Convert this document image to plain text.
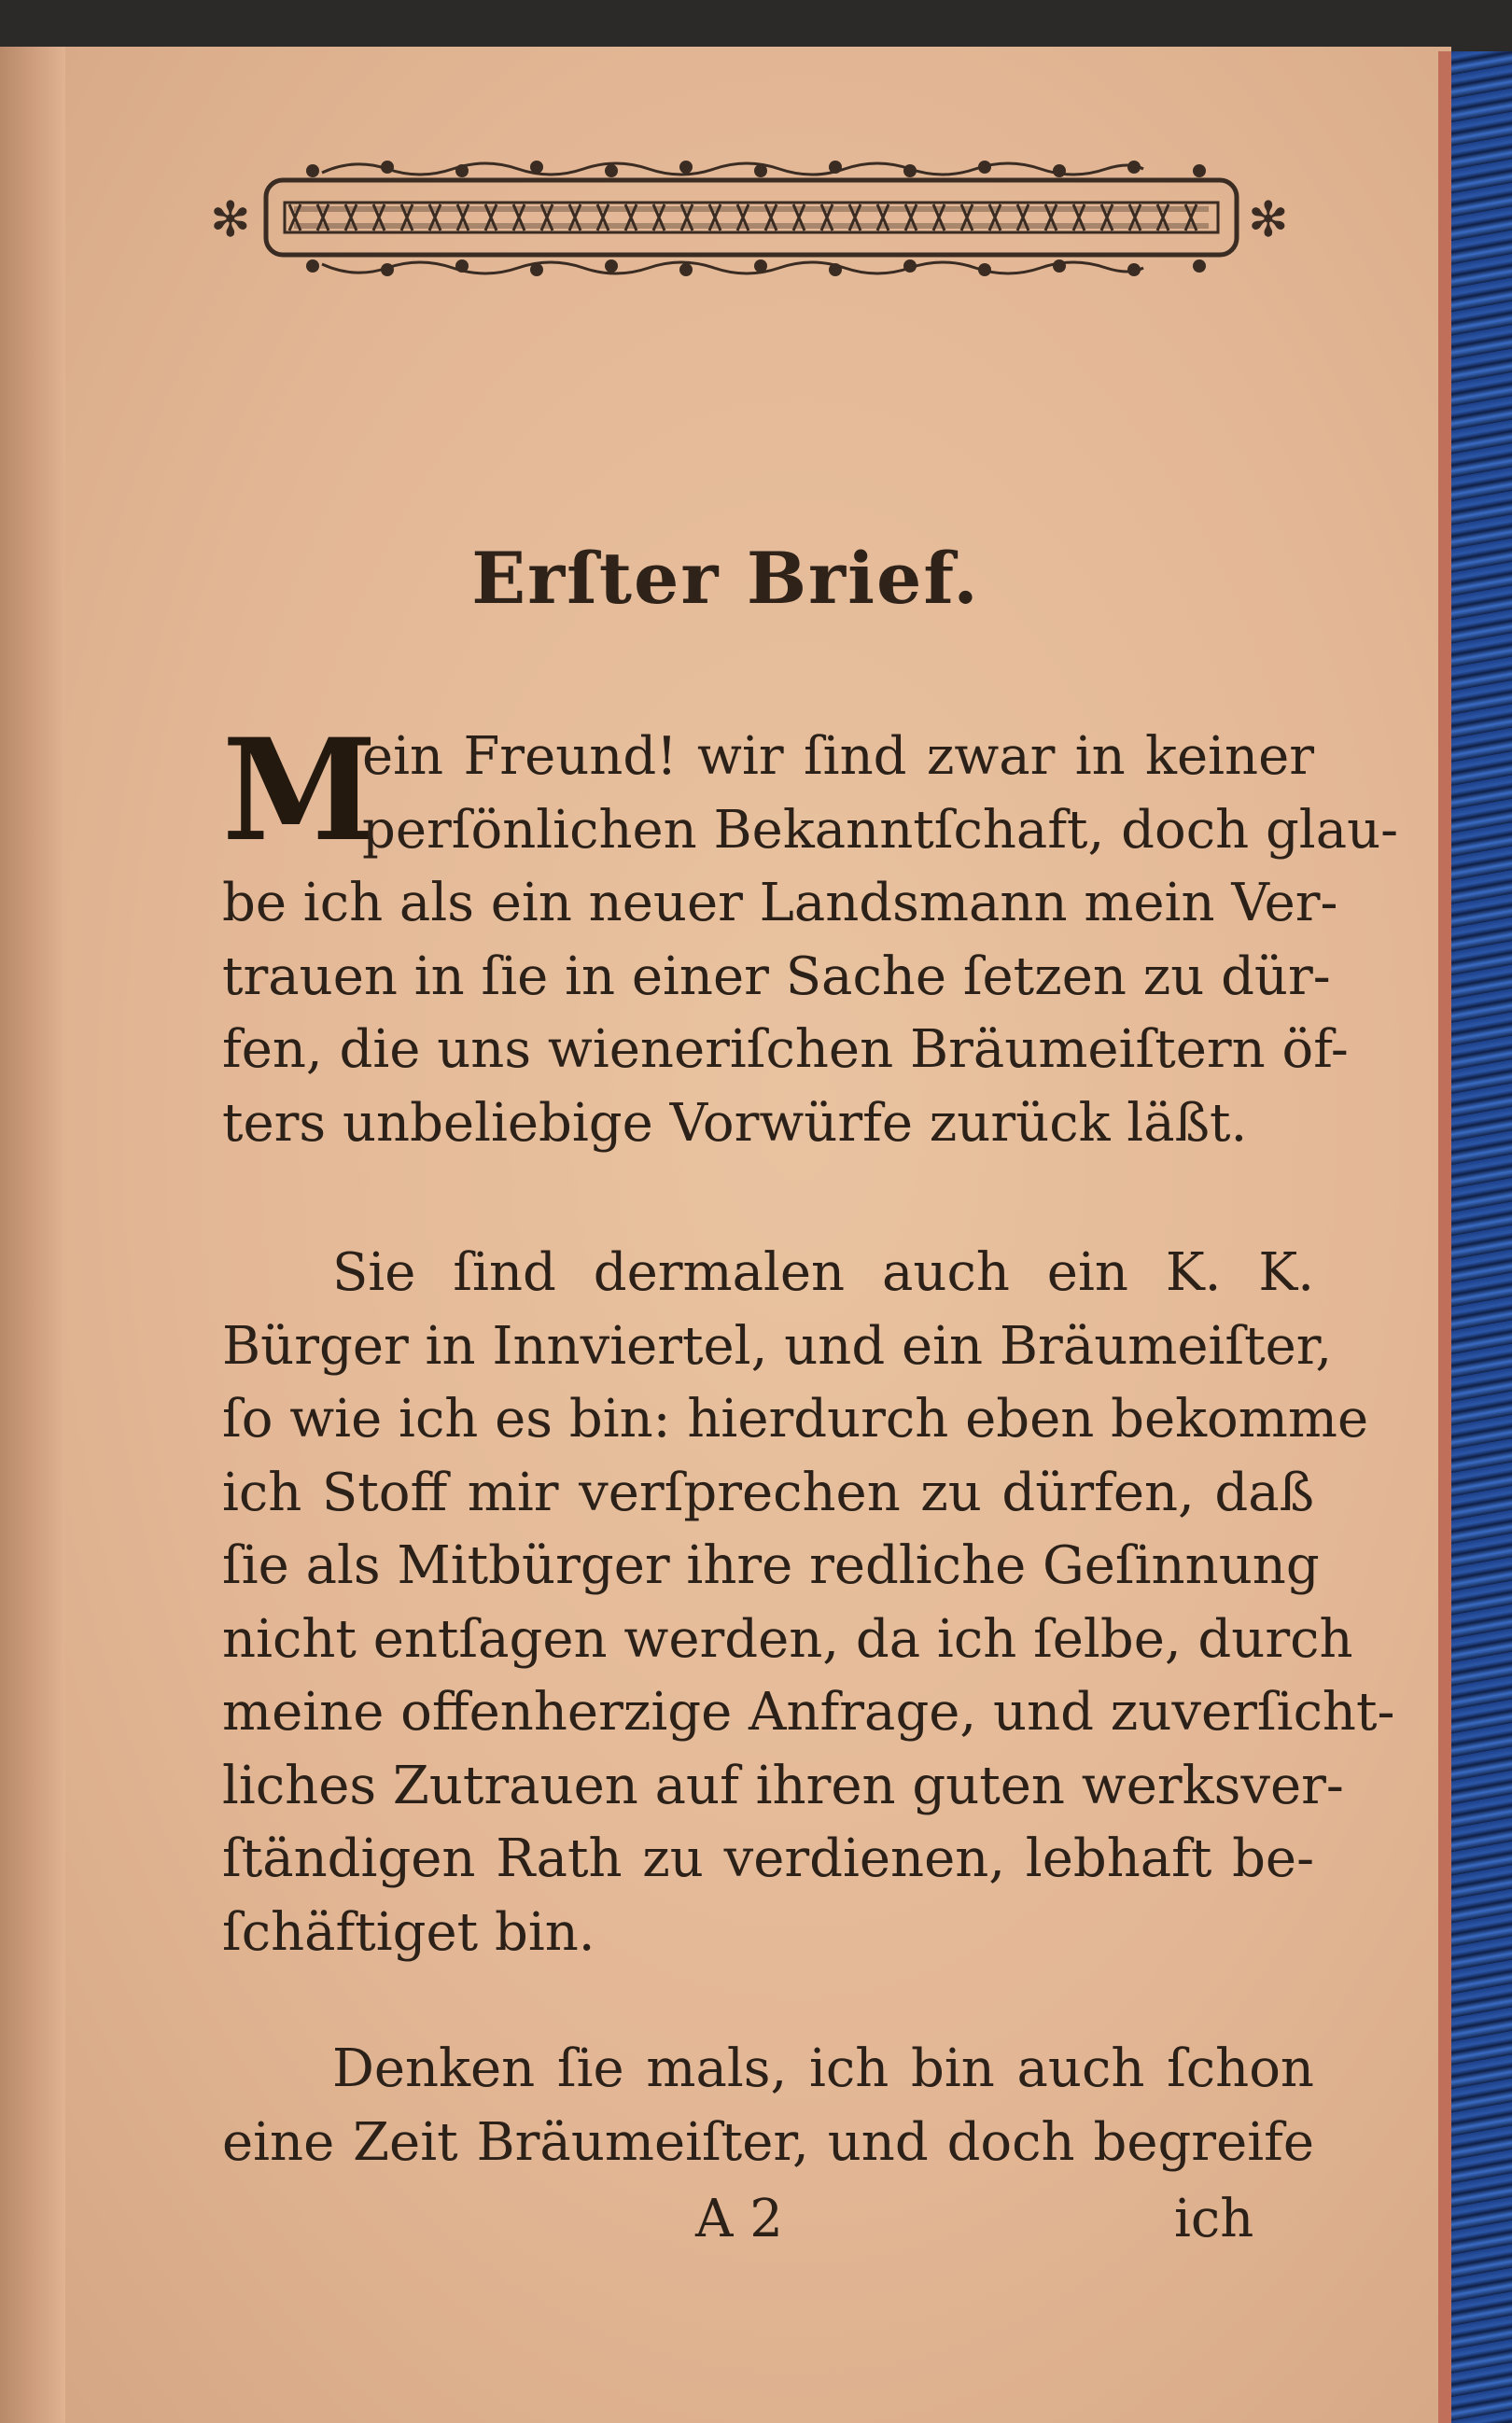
✻	✻
Erſter Brief.
M
ein Freund! wir ſind zwar in keiner
perſönlichen Bekanntſchaft, doch glau-
be ich als ein neuer Landsmann mein Ver-
trauen in ſie in einer Sache ſetzen zu dür-
fen, die uns wieneriſchen Bräumeiſtern öf-
ters unbeliebige Vorwürfe zurück läßt.
Sie ſind dermalen auch ein K. K.
Bürger in Innviertel, und ein Bräumeiſter,
ſo wie ich es bin: hierdurch eben bekomme
ich Stoff mir verſprechen zu dürfen, daß
ſie als Mitbürger ihre redliche Geſinnung
nicht entſagen werden, da ich ſelbe, durch
meine offenherzige Anfrage, und zuverſicht-
liches Zutrauen auf ihren guten werksver-
ſtändigen Rath zu verdienen, lebhaft be-
ſchäftiget bin.
Denken ſie mals, ich bin auch ſchon
eine Zeit Bräumeiſter, und doch begreife
A 2	ich
